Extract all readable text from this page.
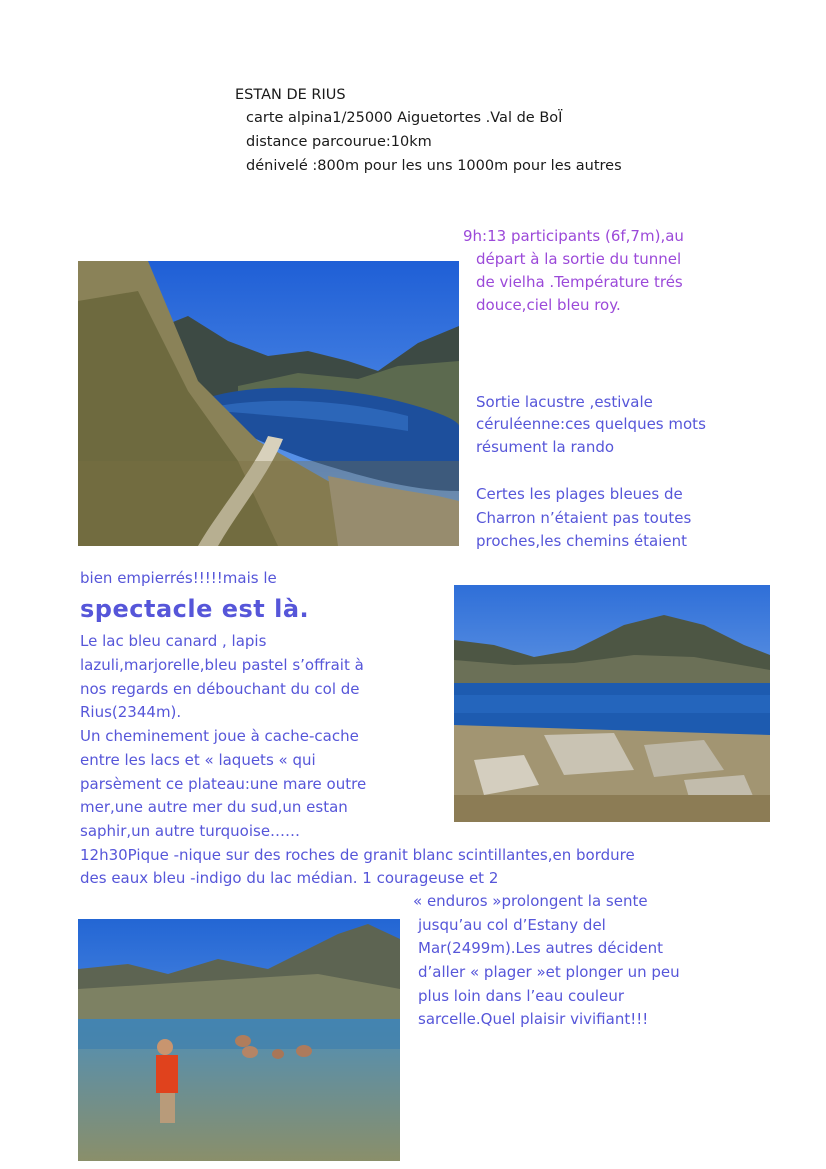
ESTAN DE RIUS

carte alpina1/25000 Aiguetortes .Val de BoÏ

distance parcourue:10km

dénivelé :800m pour les uns 1000m pour les autres

9h:13 participants (6f,7m),au

départ à la sortie du tunnel

de vielha .Température trés

douce,ciel bleu roy.

Sortie lacustre ,estivale

céruléenne:ces quelques mots

résument la rando

Certes les plages bleues de

Charron n’étaient pas toutes

proches,les chemins étaient

bien empierrés!!!!!mais le

spectacle est là.

Le lac bleu canard , lapis

lazuli,marjorelle,bleu pastel s’offrait à

nos regards en débouchant du col de

Rius(2344m).

Un cheminement joue à cache-cache

entre les lacs et « laquets « qui

parsèment ce plateau:une mare outre

mer,une autre mer du sud,un estan

saphir,un autre turquoise……

12h30Pique -nique sur des roches de granit blanc scintillantes,en bordure

des eaux bleu -indigo du lac médian. 1 courageuse et 2

« enduros »prolongent la sente

jusqu’au col d’Estany del

Mar(2499m).Les autres décident

d’aller « plager »et plonger un peu

plus loin dans l’eau couleur

sarcelle.Quel plaisir vivifiant!!!
